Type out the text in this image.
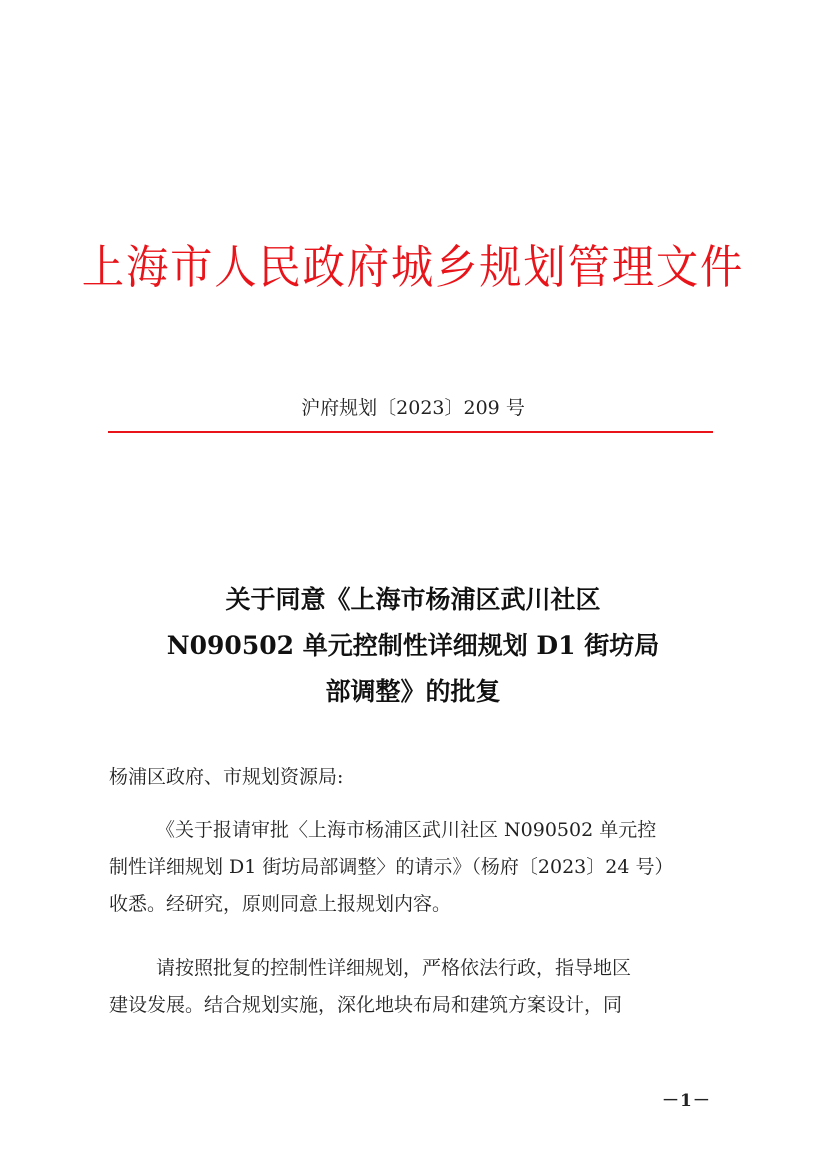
上海市人民政府城乡规划管理文件
沪府规划〔2023〕209 号
关于同意《上海市杨浦区武川社区
N090502 单元控制性详细规划 D1 街坊局
部调整》的批复
杨浦区政府、市规划资源局:
《关于报请审批〈上海市杨浦区武川社区 N090502 单元控
制性详细规划 D1 街坊局部调整〉的请示》（杨府〔2023〕24 号）
收悉。经研究，原则同意上报规划内容。
请按照批复的控制性详细规划，严格依法行政，指导地区
建设发展。结合规划实施，深化地块布局和建筑方案设计，同
－1－
